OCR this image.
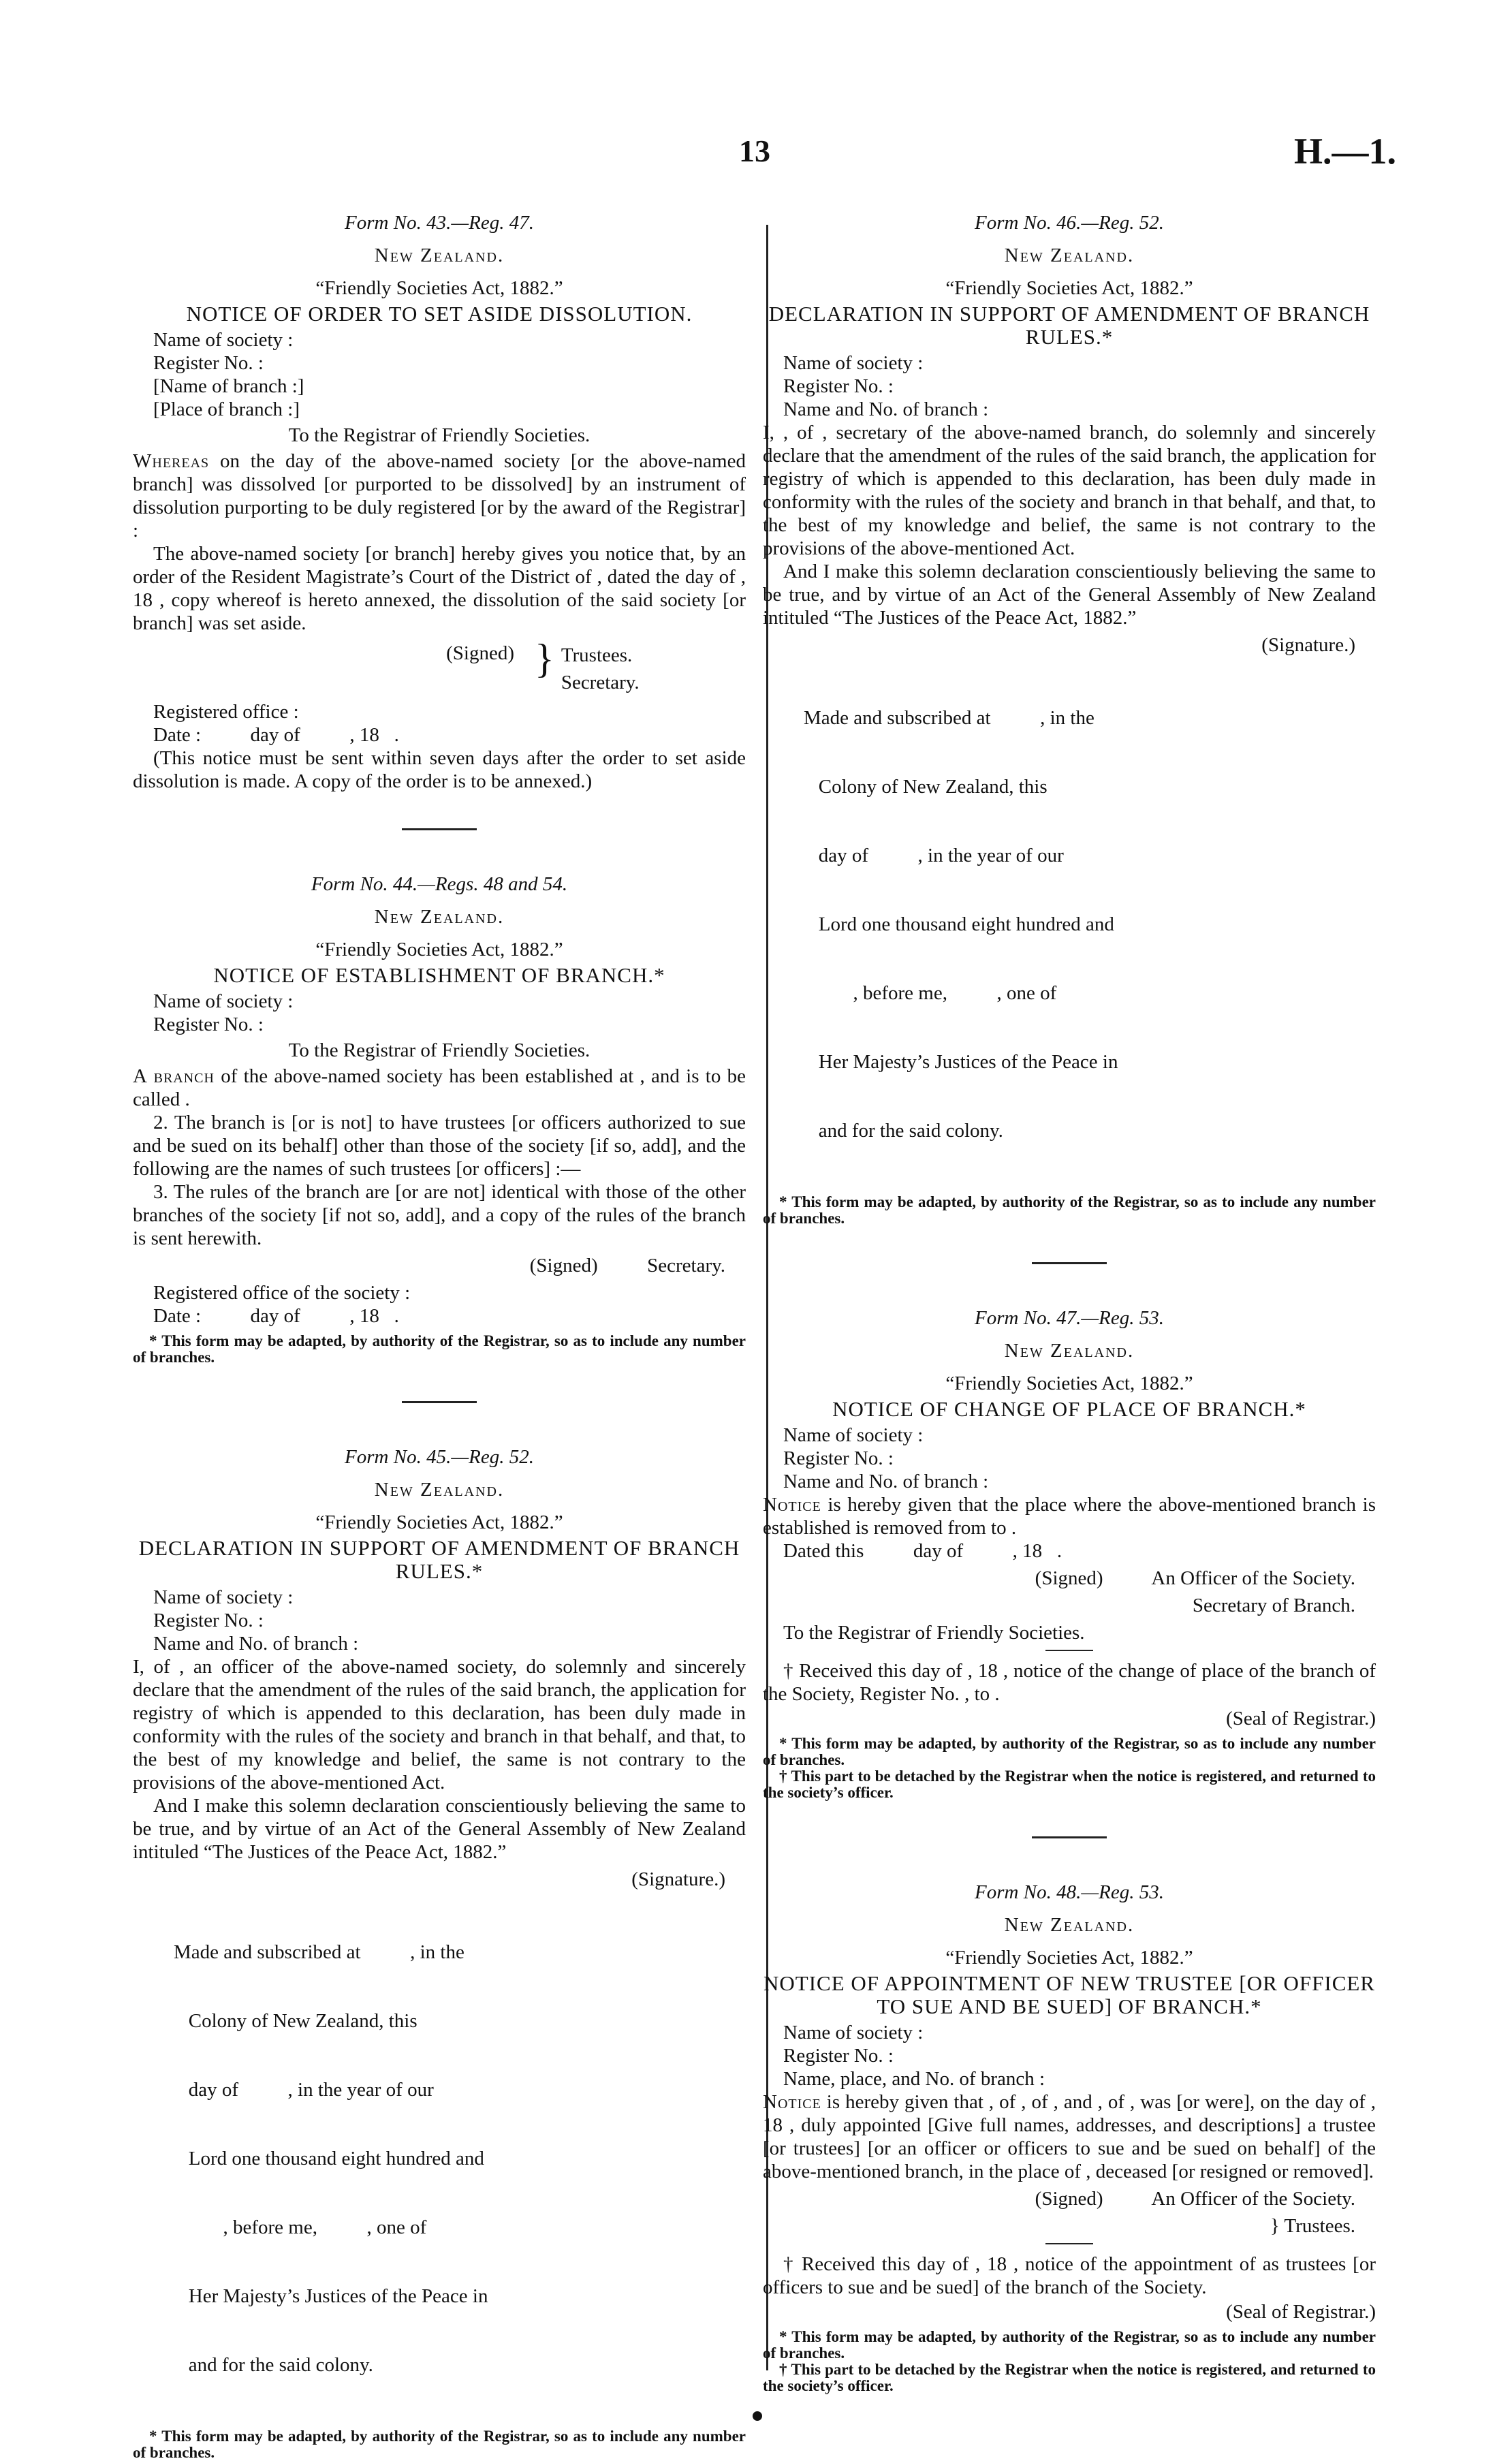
13	H.—1.
Form No. 43.—Reg. 47.
New Zealand.
“Friendly Societies Act, 1882.”
NOTICE OF ORDER TO SET ASIDE DISSOLUTION.
Name of society :
Register No. :
[Name of branch :]
[Place of branch :]
To the Registrar of Friendly Societies.

Whereas on the day of the above-named society [or the above-named branch] was dissolved [or purported to be dissolved] by an instrument of dissolution purporting to be duly registered [or by the award of the Registrar] :

The above-named society [or branch] hereby gives you notice that, by an order of the Resident Magistrate’s Court of the District of , dated the day of , 18 , copy whereof is hereto annexed, the dissolution of the said society [or branch] was set aside.

(Signed) } Trustees.
Secretary.
Registered office :
Date :          day of          , 18   .

(This notice must be sent within seven days after the order to set aside dissolution is made. A copy of the order is to be annexed.)

Form No. 44.—Regs. 48 and 54.
New Zealand.
“Friendly Societies Act, 1882.”
NOTICE OF ESTABLISHMENT OF BRANCH.*
Name of society :
Register No. :
To the Registrar of Friendly Societies.

A branch of the above-named society has been established at , and is to be called .

2. The branch is [or is not] to have trustees [or officers authorized to sue and be sued on its behalf] other than those of the society [if so, add], and the following are the names of such trustees [or officers] :—

3. The rules of the branch are [or are not] identical with those of the other branches of the society [if not so, add], and a copy of the rules of the branch is sent herewith.

(Signed)          Secretary.
Registered office of the society :
Date :          day of          , 18   .
* This form may be adapted, by authority of the Registrar, so as to include any number of branches.
Form No. 45.—Reg. 52.
New Zealand.
“Friendly Societies Act, 1882.”
DECLARATION IN SUPPORT OF AMENDMENT OF BRANCH RULES.*
Name of society :
Register No. :
Name and No. of branch :

I, of , an officer of the above-named society, do solemnly and sincerely declare that the amendment of the rules of the said branch, the application for registry of which is appended to this declaration, has been duly made in conformity with the rules of the society and branch in that behalf, and that, to the best of my knowledge and belief, the same is not contrary to the provisions of the above-mentioned Act.

And I make this solemn declaration conscientiously believing the same to be true, and by virtue of an Act of the General Assembly of New Zealand intituled “The Justices of the Peace Act, 1882.”

(Signature.)

Made and subscribed at          , in the

Colony of New Zealand, this

day of          , in the year of our

Lord one thousand eight hundred and

, before me,          , one of

Her Majesty’s Justices of the Peace in

and for the said colony.

* This form may be adapted, by authority of the Registrar, so as to include any number of branches.
Form No. 46.—Reg. 52.
New Zealand.
“Friendly Societies Act, 1882.”
DECLARATION IN SUPPORT OF AMENDMENT OF BRANCH RULES.*
Name of society :
Register No. :
Name and No. of branch :

I, , of , secretary of the above-named branch, do solemnly and sincerely declare that the amendment of the rules of the said branch, the application for registry of which is appended to this declaration, has been duly made in conformity with the rules of the society and branch in that behalf, and that, to the best of my knowledge and belief, the same is not contrary to the provisions of the above-mentioned Act.

And I make this solemn declaration conscientiously believing the same to be true, and by virtue of an Act of the General Assembly of New Zealand intituled “The Justices of the Peace Act, 1882.”

(Signature.)

Made and subscribed at          , in the

Colony of New Zealand, this

day of          , in the year of our

Lord one thousand eight hundred and

, before me,          , one of

Her Majesty’s Justices of the Peace in

and for the said colony.

* This form may be adapted, by authority of the Registrar, so as to include any number of branches.
Form No. 47.—Reg. 53.
New Zealand.
“Friendly Societies Act, 1882.”
NOTICE OF CHANGE OF PLACE OF BRANCH.*
Name of society :
Register No. :
Name and No. of branch :

Notice is hereby given that the place where the above-mentioned branch is established is removed from to .

Dated this          day of          , 18   .
(Signed)          An Officer of the Society.
Secretary of Branch.
To the Registrar of Friendly Societies.

† Received this day of , 18 , notice of the change of place of the branch of the Society, Register No. , to .

(Seal of Registrar.)
* This form may be adapted, by authority of the Registrar, so as to include any number of branches.
† This part to be detached by the Registrar when the notice is registered, and returned to the society’s officer.
Form No. 48.—Reg. 53.
New Zealand.
“Friendly Societies Act, 1882.”
NOTICE OF APPOINTMENT OF NEW TRUSTEE [OR OFFICER TO SUE AND BE SUED] OF BRANCH.*
Name of society :
Register No. :
Name, place, and No. of branch :

Notice is hereby given that , of , of , and , of , was [or were], on the day of , 18 , duly appointed [Give full names, addresses, and descriptions] a trustee [or trustees] [or an officer or officers to sue and be sued on behalf] of the above-mentioned branch, in the place of , deceased [or resigned or removed].

(Signed)          An Officer of the Society.
} Trustees.

† Received this day of , 18 , notice of the appointment of as trustees [or officers to sue and be sued] of the branch of the Society.

(Seal of Registrar.)
* This form may be adapted, by authority of the Registrar, so as to include any number of branches.
† This part to be detached by the Registrar when the notice is registered, and returned to the society’s officer.
